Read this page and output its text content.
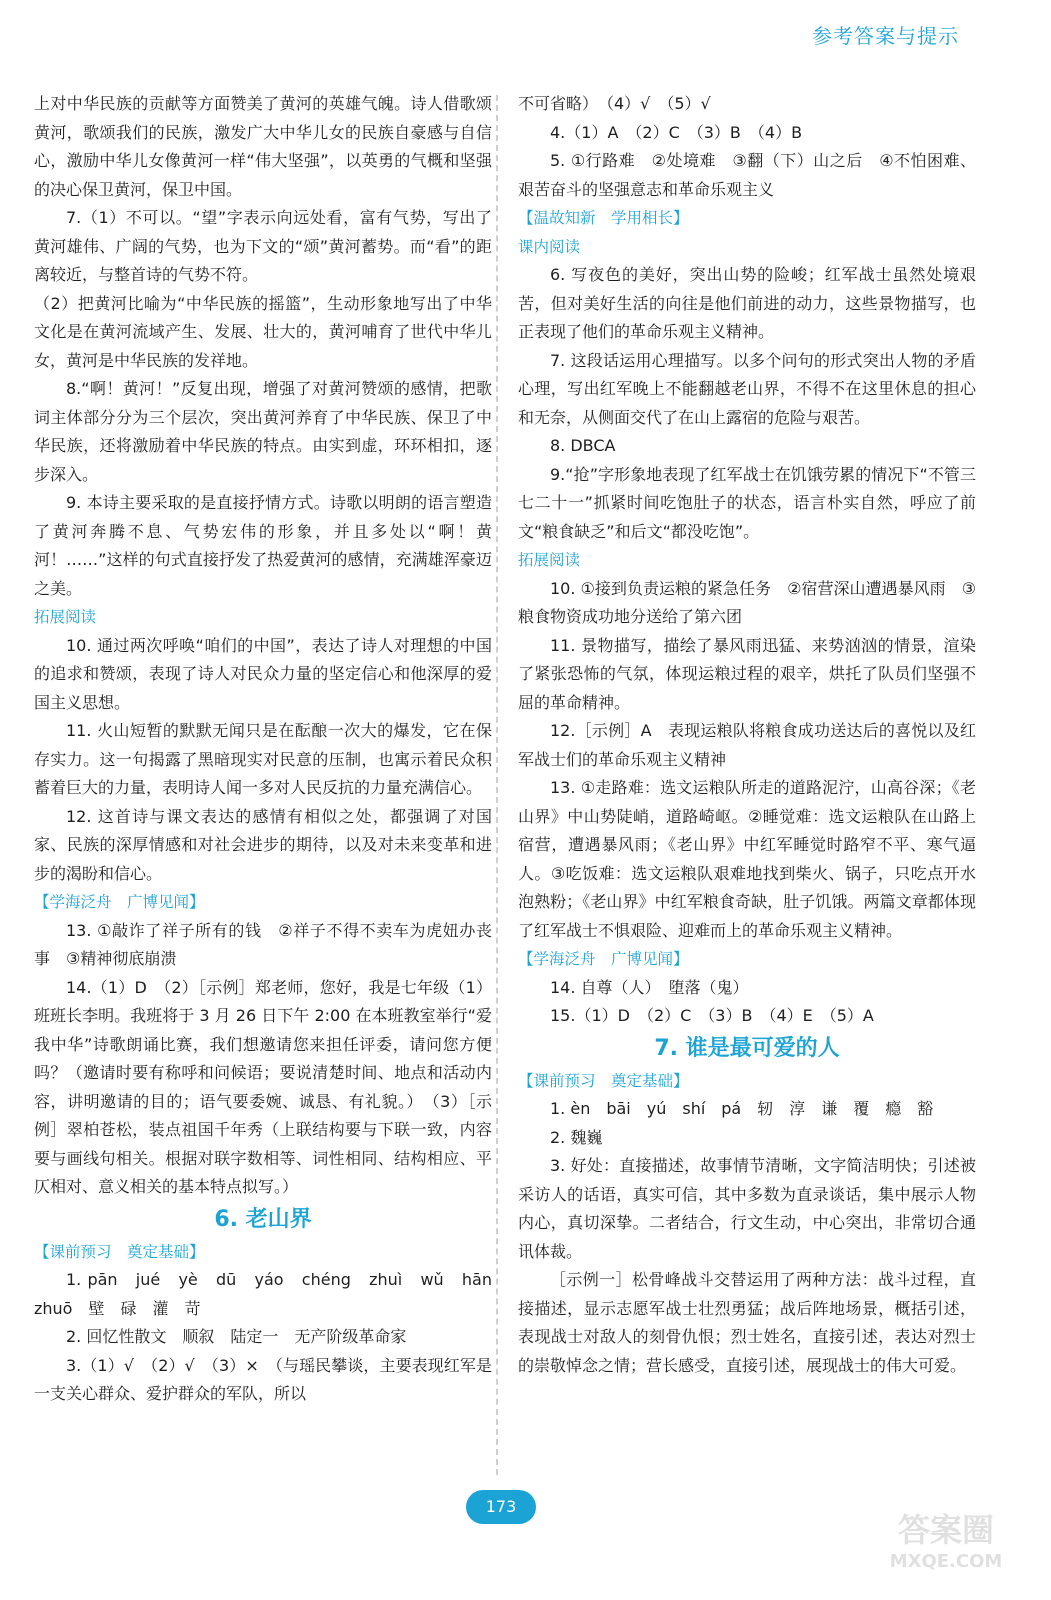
参考答案与提示

上对中华民族的贡献等方面赞美了黄河的英雄气魄。诗人借歌颂黄河，歌颂我们的民族，激发广大中华儿女的民族自豪感与自信心，激励中华儿女像黄河一样“伟大坚强”，以英勇的气概和坚强的决心保卫黄河，保卫中国。

7.（1）不可以。“望”字表示向远处看，富有气势，写出了黄河雄伟、广阔的气势，也为下文的“颂”黄河蓄势。而“看”的距离较近，与整首诗的气势不符。

（2）把黄河比喻为“中华民族的摇篮”，生动形象地写出了中华文化是在黄河流域产生、发展、壮大的，黄河哺育了世代中华儿女，黄河是中华民族的发祥地。

8.“啊！黄河！”反复出现，增强了对黄河赞颂的感情，把歌词主体部分分为三个层次，突出黄河养育了中华民族、保卫了中华民族，还将激励着中华民族的特点。由实到虚，环环相扣，逐步深入。

9. 本诗主要采取的是直接抒情方式。诗歌以明朗的语言塑造了黄河奔腾不息、气势宏伟的形象，并且多处以“啊！黄河！……”这样的句式直接抒发了热爱黄河的感情，充满雄浑豪迈之美。

拓展阅读

10. 通过两次呼唤“咱们的中国”，表达了诗人对理想的中国的追求和赞颂，表现了诗人对民众力量的坚定信心和他深厚的爱国主义思想。

11. 火山短暂的默默无闻只是在酝酿一次大的爆发，它在保存实力。这一句揭露了黑暗现实对民意的压制，也寓示着民众积蓄着巨大的力量，表明诗人闻一多对人民反抗的力量充满信心。

12. 这首诗与课文表达的感情有相似之处，都强调了对国家、民族的深厚情感和对社会进步的期待，以及对未来变革和进步的渴盼和信心。

【学海泛舟　广博见闻】

13. ①敲诈了祥子所有的钱　②祥子不得不卖车为虎妞办丧事　③精神彻底崩溃

14.（1）D　（2）［示例］郑老师，您好，我是七年级（1）班班长李明。我班将于 3 月 26 日下午 2:00 在本班教室举行“爱我中华”诗歌朗诵比赛，我们想邀请您来担任评委，请问您方便吗？（邀请时要有称呼和问候语；要说清楚时间、地点和活动内容，讲明邀请的目的；语气要委婉、诚恳、有礼貌。）　（3）［示例］翠柏苍松，装点祖国千年秀（上联结构要与下联一致，内容要与画线句相关。根据对联字数相等、词性相同、结构相应、平仄相对、意义相关的基本特点拟写。）

6. 老山界

【课前预习　奠定基础】

1. pān　jué　yè　dū　yáo　chéng　zhuì　wǔ　hān　zhuō　壁　碌　灌　苛

2. 回忆性散文　顺叙　陆定一　无产阶级革命家

3.（1）√　（2）√　（3）×　（与瑶民攀谈，主要表现红军是一支关心群众、爱护群众的军队，所以

不可省略）　（4）√　（5）√

4.（1）A　（2）C　（3）B　（4）B

5. ①行路难　②处境难　③翻（下）山之后　④不怕困难、艰苦奋斗的坚强意志和革命乐观主义

【温故知新　学用相长】

课内阅读

6. 写夜色的美好，突出山势的险峻；红军战士虽然处境艰苦，但对美好生活的向往是他们前进的动力，这些景物描写，也正表现了他们的革命乐观主义精神。

7. 这段话运用心理描写。以多个问句的形式突出人物的矛盾心理，写出红军晚上不能翻越老山界，不得不在这里休息的担心和无奈，从侧面交代了在山上露宿的危险与艰苦。

8. DBCA

9.“抢”字形象地表现了红军战士在饥饿劳累的情况下“不管三七二十一”抓紧时间吃饱肚子的状态，语言朴实自然，呼应了前文“粮食缺乏”和后文“都没吃饱”。

拓展阅读

10. ①接到负责运粮的紧急任务　②宿营深山遭遇暴风雨　③粮食物资成功地分送给了第六团

11. 景物描写，描绘了暴风雨迅猛、来势汹汹的情景，渲染了紧张恐怖的气氛，体现运粮过程的艰辛，烘托了队员们坚强不屈的革命精神。

12.［示例］A　表现运粮队将粮食成功送达后的喜悦以及红军战士们的革命乐观主义精神

13. ①走路难：选文运粮队所走的道路泥泞，山高谷深；《老山界》中山势陡峭，道路崎岖。②睡觉难：选文运粮队在山路上宿营，遭遇暴风雨；《老山界》中红军睡觉时路窄不平、寒气逼人。③吃饭难：选文运粮队艰难地找到柴火、锅子，只吃点开水泡熟粉；《老山界》中红军粮食奇缺，肚子饥饿。两篇文章都体现了红军战士不惧艰险、迎难而上的革命乐观主义精神。

【学海泛舟　广博见闻】

14. 自尊（人）　堕落（鬼）

15.（1）D　（2）C　（3）B　（4）E　（5）A

7. 谁是最可爱的人

【课前预习　奠定基础】

1. èn　bāi　yú　shí　pá　轫　淳　谦　覆　瘾　豁

2. 魏巍

3. 好处：直接描述，故事情节清晰，文字简洁明快；引述被采访人的话语，真实可信，其中多数为直录谈话，集中展示人物内心，真切深挚。二者结合，行文生动，中心突出，非常切合通讯体裁。

［示例一］松骨峰战斗交替运用了两种方法：战斗过程，直接描述，显示志愿军战士壮烈勇猛；战后阵地场景，概括引述，表现战士对敌人的刻骨仇恨；烈士姓名，直接引述，表达对烈士的崇敬悼念之情；营长感受，直接引述，展现战士的伟大可爱。

173
答案圈
MXQE.COM
